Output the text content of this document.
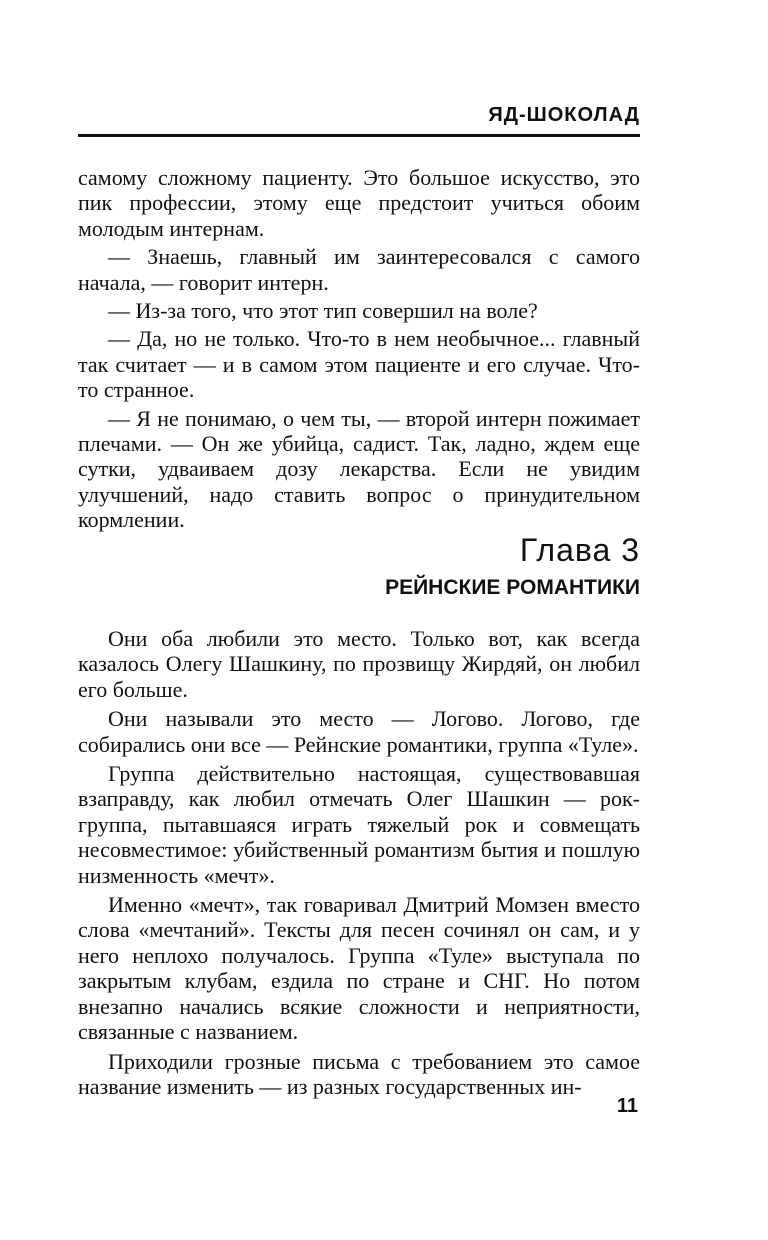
ЯД-ШОКОЛАД

самому сложному пациенту. Это большое искусство, это пик профессии, этому еще предстоит учиться обоим молодым интернам.

— Знаешь, главный им заинтересовался с самого начала, — говорит интерн.

— Из-за того, что этот тип совершил на воле?

— Да, но не только. Что-то в нем необычное... главный так считает — и в самом этом пациенте и его случае. Что-то странное.

— Я не понимаю, о чем ты, — второй интерн пожимает плечами. — Он же убийца, садист. Так, ладно, ждем еще сутки, удваиваем дозу лекарства. Если не увидим улучшений, надо ставить вопрос о принудительном кормлении.

Глава 3
РЕЙНСКИЕ РОМАНТИКИ

Они оба любили это место. Только вот, как всегда казалось Олегу Шашкину, по прозвищу Жирдяй, он любил его больше.

Они называли это место — Логово. Логово, где собирались они все — Рейнские романтики, группа «Туле».

Группа действительно настоящая, существовавшая взаправду, как любил отмечать Олег Шашкин — рок-группа, пытавшаяся играть тяжелый рок и совмещать несовместимое: убийственный романтизм бытия и пошлую низменность «мечт».

Именно «мечт», так говаривал Дмитрий Момзен вместо слова «мечтаний». Тексты для песен сочинял он сам, и у него неплохо получалось. Группа «Туле» выступала по закрытым клубам, ездила по стране и СНГ. Но потом внезапно начались всякие сложности и неприятности, связанные с названием.

Приходили грозные письма с требованием это самое название изменить — из разных государственных ин-

11
